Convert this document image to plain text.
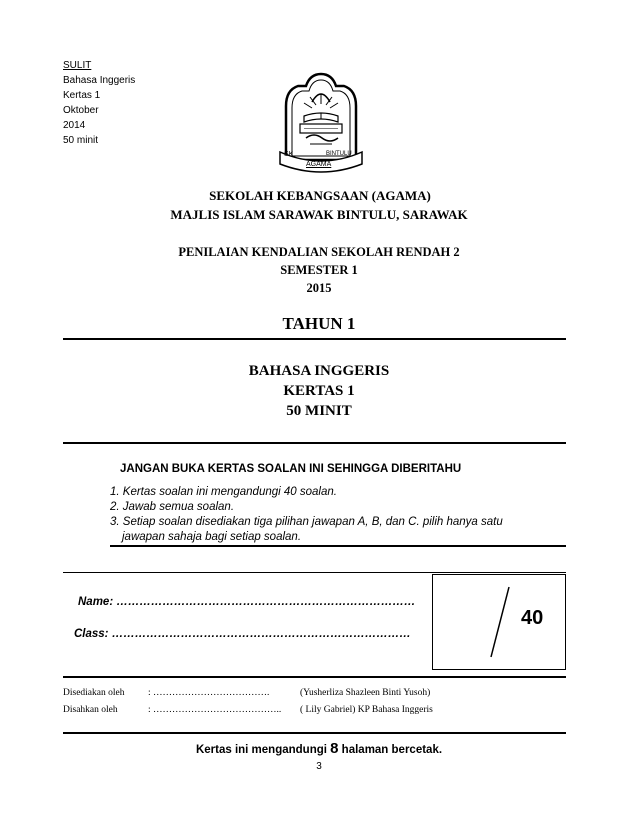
SULIT
Bahasa Inggeris
Kertas 1
Oktober
2014
50 minit
SK	BINTULU
AGAMA
SEKOLAH KEBANGSAAN (AGAMA)
MAJLIS ISLAM SARAWAK BINTULU, SARAWAK
PENILAIAN KENDALIAN SEKOLAH RENDAH 2
SEMESTER 1
2015
TAHUN 1
BAHASA INGGERIS
KERTAS 1
50 MINIT
JANGAN BUKA KERTAS SOALAN INI SEHINGGA DIBERITAHU
1. Kertas soalan ini mengandungi 40 soalan.
2. Jawab semua soalan.
3. Setiap soalan disediakan tiga pilihan jawapan A, B, dan C. pilih hanya satu
jawapan sahaja bagi setiap soalan.
Name: ……………………………………………………………………
Class: ……………………………………………………………………
40
Disediakan oleh : ……………………………….	(Yusherliza Shazleen Binti Yusoh)
Disahkan oleh	: ………………………………….. ( Lily Gabriel) KP Bahasa Inggeris
Kertas ini mengandungi 8 halaman bercetak.
3
